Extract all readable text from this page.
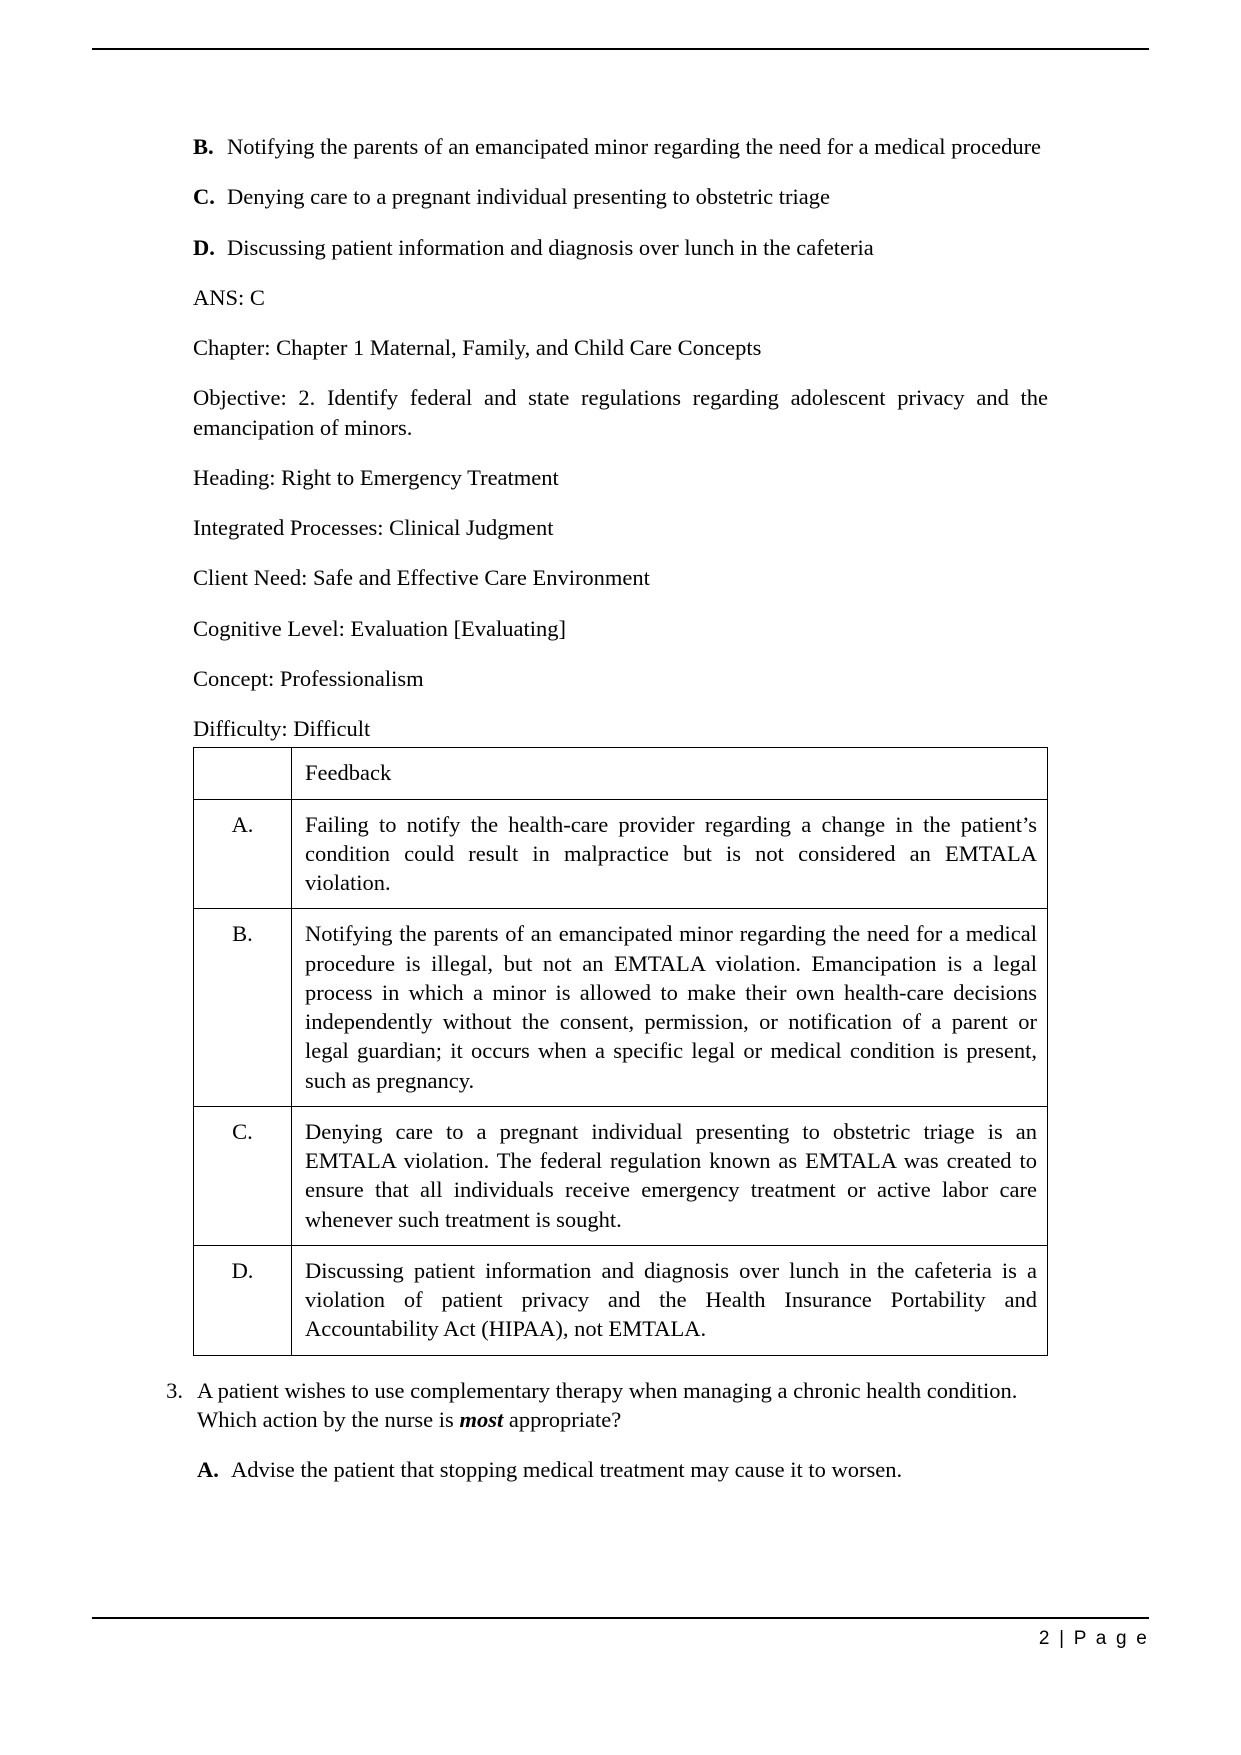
B. Notifying the parents of an emancipated minor regarding the need for a medical procedure
C. Denying care to a pregnant individual presenting to obstetric triage
D. Discussing patient information and diagnosis over lunch in the cafeteria

ANS: C

Chapter: Chapter 1 Maternal, Family, and Child Care Concepts

Objective: 2. Identify federal and state regulations regarding adolescent privacy and the emancipation of minors.

Heading: Right to Emergency Treatment

Integrated Processes: Clinical Judgment

Client Need: Safe and Effective Care Environment

Cognitive Level: Evaluation [Evaluating]

Concept: Professionalism

Difficulty: Difficult

	Feedback
A.	Failing to notify the health-care provider regarding a change in the patient’s condition could result in malpractice but is not considered an EMTALA violation.
B.	Notifying the parents of an emancipated minor regarding the need for a medical procedure is illegal, but not an EMTALA violation. Emancipation is a legal process in which a minor is allowed to make their own health-care decisions independently without the consent, permission, or notification of a parent or legal guardian; it occurs when a specific legal or medical condition is present, such as pregnancy.
C.	Denying care to a pregnant individual presenting to obstetric triage is an EMTALA violation. The federal regulation known as EMTALA was created to ensure that all individuals receive emergency treatment or active labor care whenever such treatment is sought.
D.	Discussing patient information and diagnosis over lunch in the cafeteria is a violation of patient privacy and the Health Insurance Portability and Accountability Act (HIPAA), not EMTALA.
3. A patient wishes to use complementary therapy when managing a chronic health condition. Which action by the nurse is most appropriate?
A. Advise the patient that stopping medical treatment may cause it to worsen.
2 | P a g e
